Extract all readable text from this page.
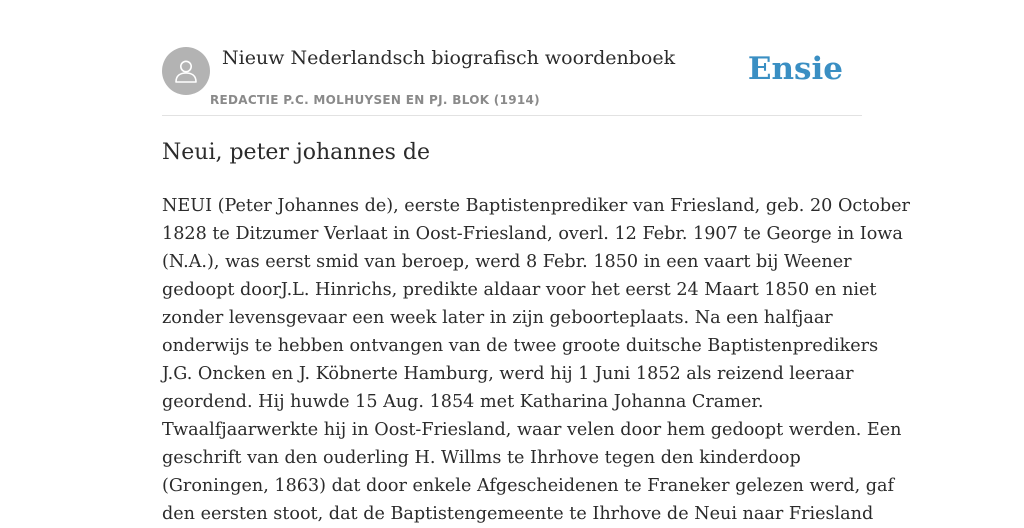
Nieuw Nederlandsch biografisch woordenboek
REDACTIE P.C. MOLHUYSEN EN PJ. BLOK (1914)
Ensie
Neui, peter johannes de
NEUI (Peter Johannes de), eerste Baptistenprediker van Friesland, geb. 20 October
1828 te Ditzumer Verlaat in Oost-Friesland, overl. 12 Febr. 1907 te George in Iowa
(N.A.), was eerst smid van beroep, werd 8 Febr. 1850 in een vaart bij Weener
gedoopt doorJ.L. Hinrichs, predikte aldaar voor het eerst 24 Maart 1850 en niet
zonder levensgevaar een week later in zijn geboorteplaats. Na een halfjaar
onderwijs te hebben ontvangen van de twee groote duitsche Baptistenpredikers
J.G. Oncken en J. Köbnerte Hamburg, werd hij 1 Juni 1852 als reizend leeraar
geordend. Hij huwde 15 Aug. 1854 met Katharina Johanna Cramer.
Twaalfjaarwerkte hij in Oost-Friesland, waar velen door hem gedoopt werden. Een
geschrift van den ouderling H. Willms te Ihrhove tegen den kinderdoop
(Groningen, 1863) dat door enkele Afgescheidenen te Franeker gelezen werd, gaf
den eersten stoot, dat de Baptistengemeente te Ihrhove de Neui naar Friesland
